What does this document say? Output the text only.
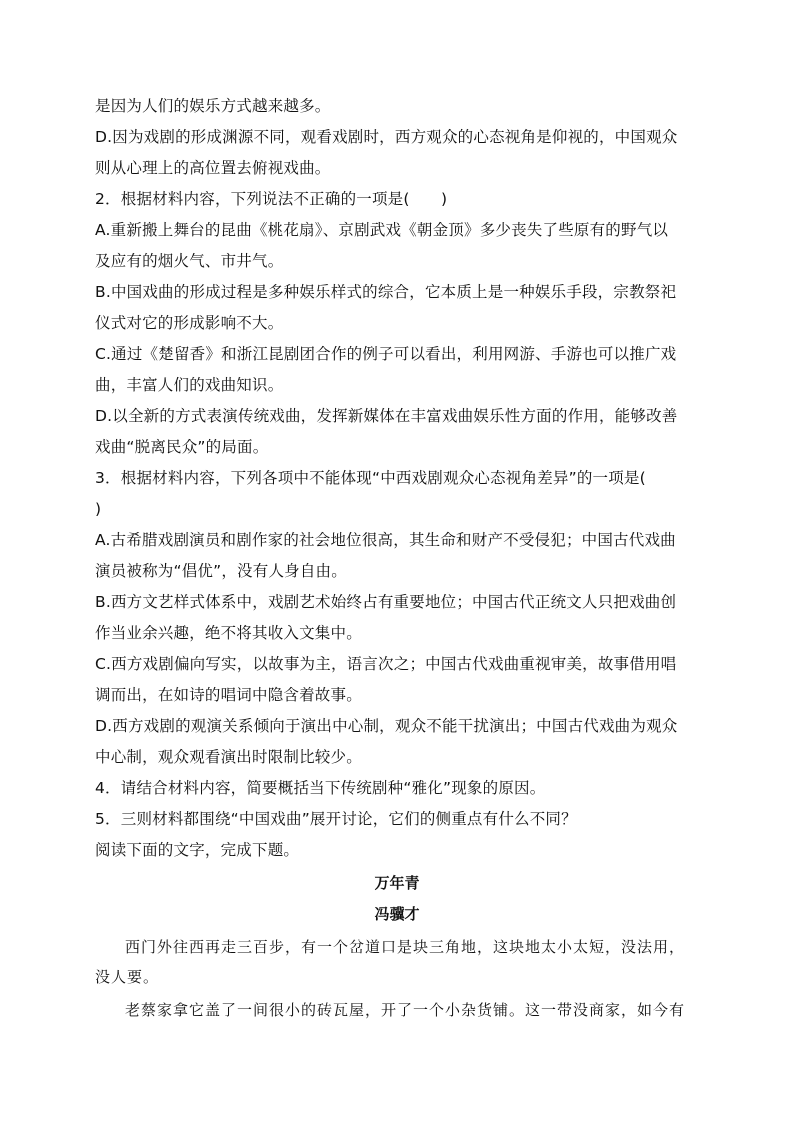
是因为人们的娱乐方式越来越多。
D.因为戏剧的形成渊源不同，观看戏剧时，西方观众的心态视角是仰视的，中国观众
则从心理上的高位置去俯视戏曲。
2．根据材料内容，下列说法不正确的一项是(　　)
A.重新搬上舞台的昆曲《桃花扇》、京剧武戏《朝金顶》多少丧失了些原有的野气以
及应有的烟火气、市井气。
B.中国戏曲的形成过程是多种娱乐样式的综合，它本质上是一种娱乐手段，宗教祭祀
仪式对它的形成影响不大。
C.通过《楚留香》和浙江昆剧团合作的例子可以看出，利用网游、手游也可以推广戏
曲，丰富人们的戏曲知识。
D.以全新的方式表演传统戏曲，发挥新媒体在丰富戏曲娱乐性方面的作用，能够改善
戏曲“脱离民众”的局面。
3．根据材料内容，下列各项中不能体现“中西戏剧观众心态视角差异”的一项是(
)
A.古希腊戏剧演员和剧作家的社会地位很高，其生命和财产不受侵犯；中国古代戏曲
演员被称为“倡优”，没有人身自由。
B.西方文艺样式体系中，戏剧艺术始终占有重要地位；中国古代正统文人只把戏曲创
作当业余兴趣，绝不将其收入文集中。
C.西方戏剧偏向写实，以故事为主，语言次之；中国古代戏曲重视审美，故事借用唱
调而出，在如诗的唱词中隐含着故事。
D.西方戏剧的观演关系倾向于演出中心制，观众不能干扰演出；中国古代戏曲为观众
中心制，观众观看演出时限制比较少。
4．请结合材料内容，简要概括当下传统剧种“雅化”现象的原因。
5．三则材料都围绕“中国戏曲”展开讨论，它们的侧重点有什么不同？
阅读下面的文字，完成下题。
万年青
冯骥才
西门外往西再走三百步，有一个岔道口是块三角地，这块地太小太短，没法用，
没人要。
老蔡家拿它盖了一间很小的砖瓦屋，开了一个小杂货铺。这一带没商家，如今有
